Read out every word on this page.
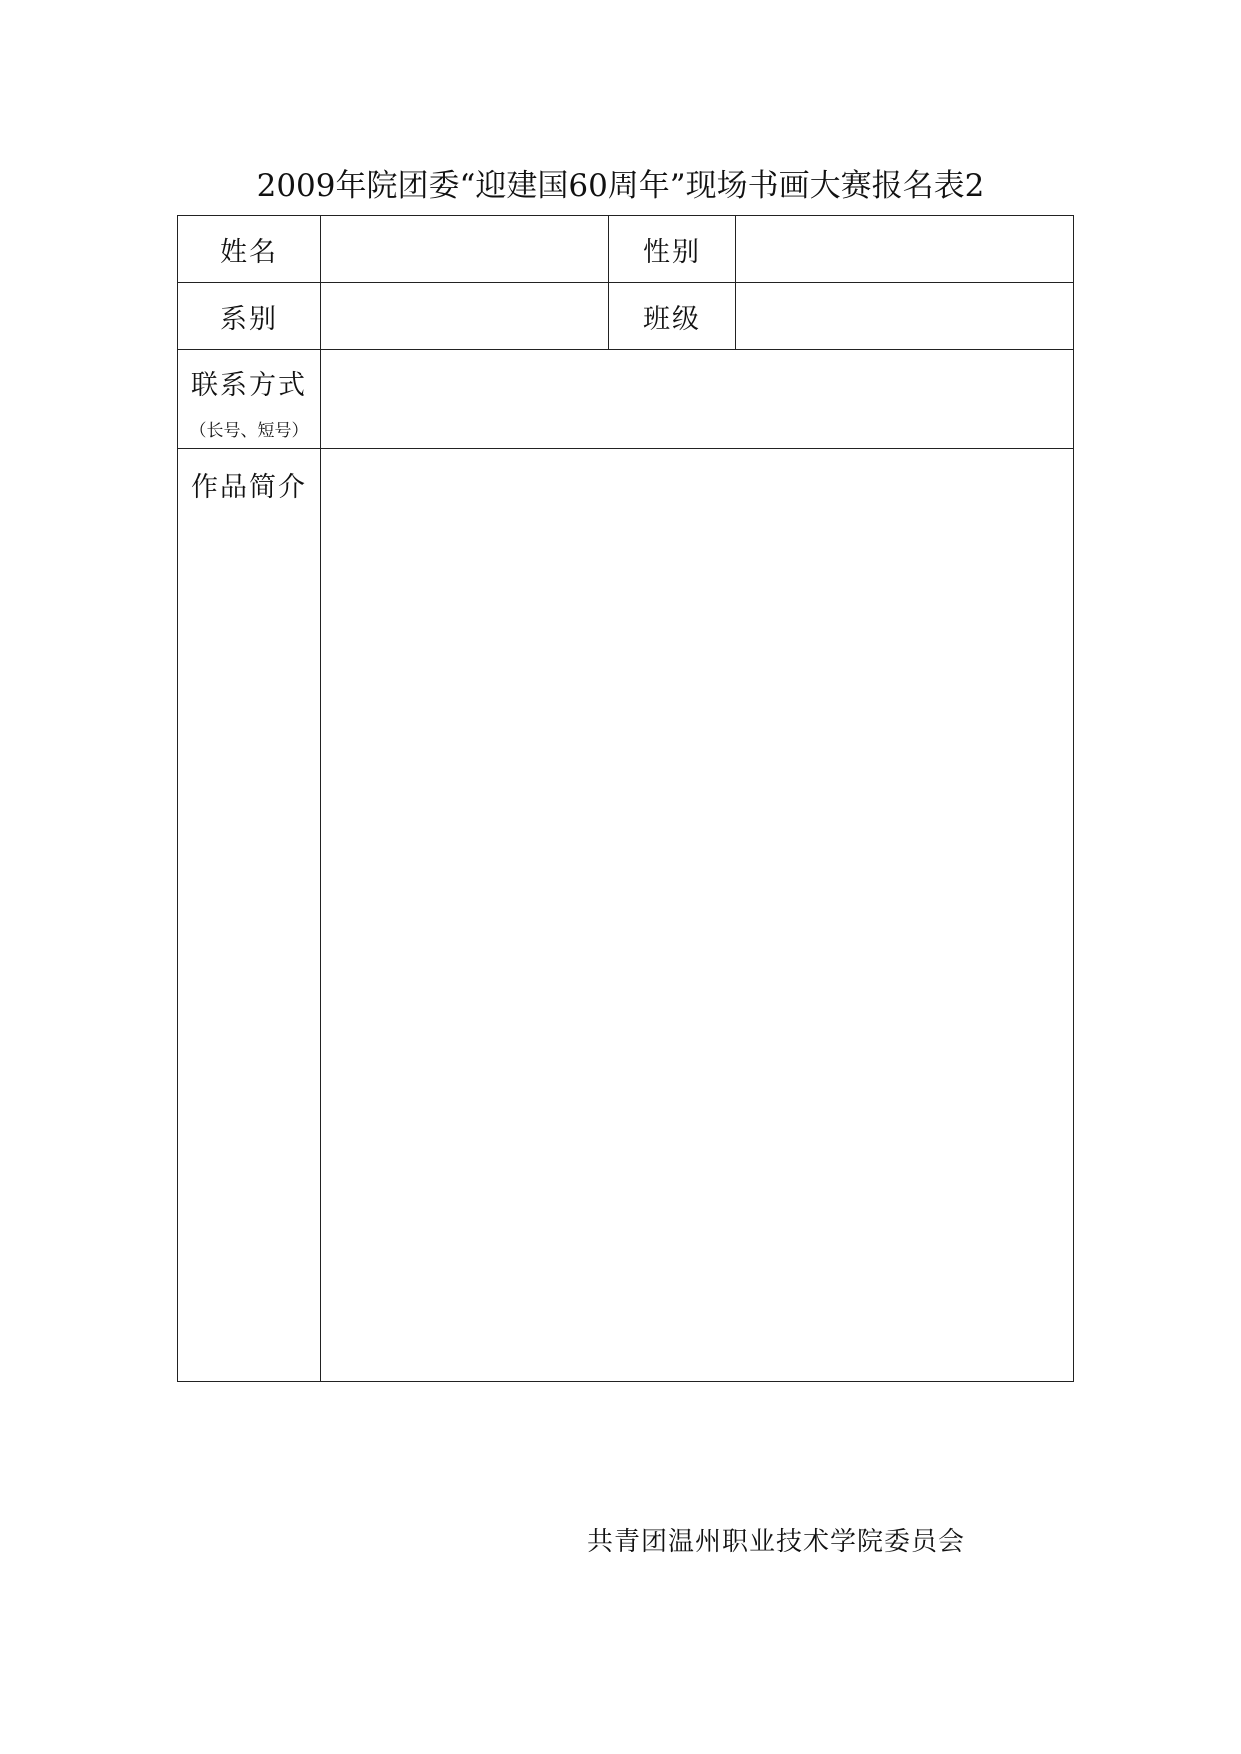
2009年院团委“迎建国60周年”现场书画大赛报名表2
姓名		性别	
系别		班级	

联系方式
（长号、短号）			

作品简介			
共青团温州职业技术学院委员会
